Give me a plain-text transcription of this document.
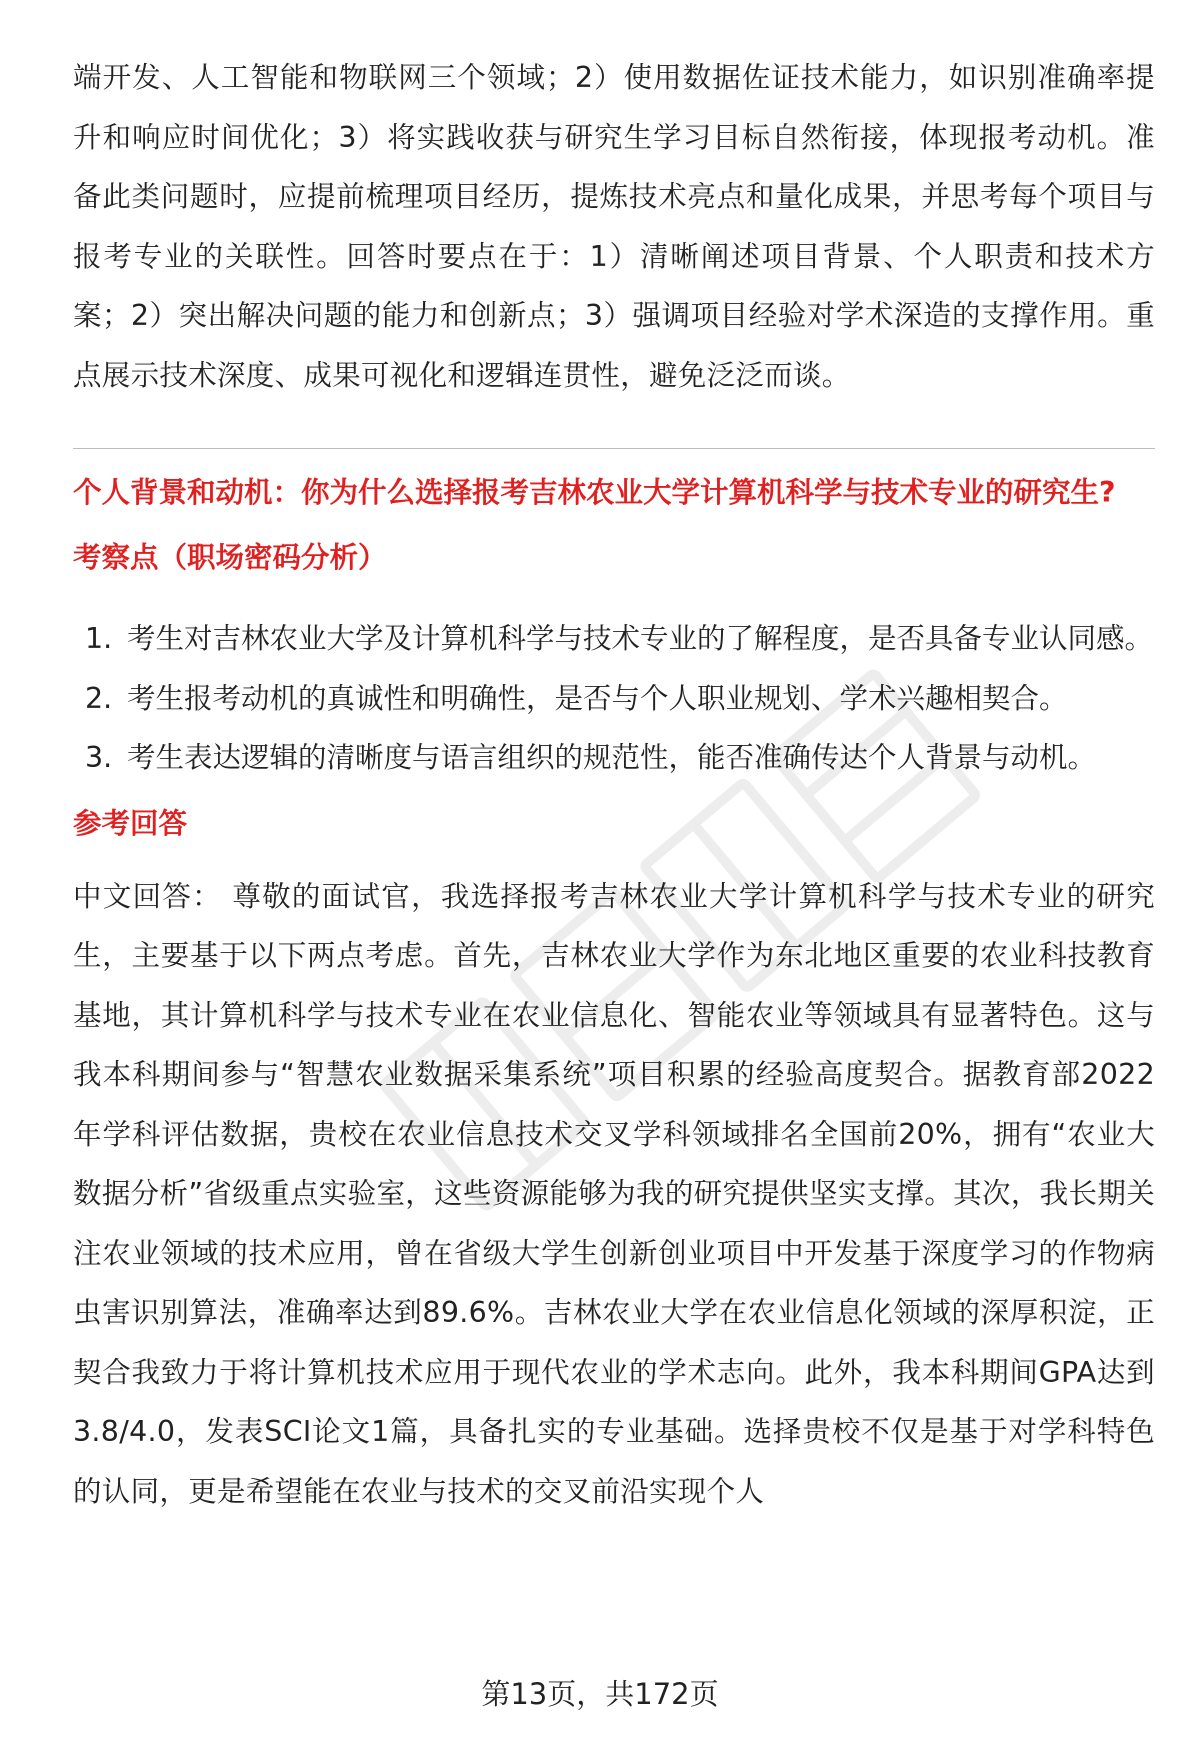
端开发、人工智能和物联网三个领域；2）使用数据佐证技术能力，如识别准确率提升和响应时间优化；3）将实践收获与研究生学习目标自然衔接，体现报考动机。准备此类问题时，应提前梳理项目经历，提炼技术亮点和量化成果，并思考每个项目与报考专业的关联性。回答时要点在于：1）清晰阐述项目背景、个人职责和技术方案；2）突出解决问题的能力和创新点；3）强调项目经验对学术深造的支撑作用。重点展示技术深度、成果可视化和逻辑连贯性，避免泛泛而谈。

个人背景和动机：你为什么选择报考吉林农业大学计算机科学与技术专业的研究生?
考察点（职场密码分析）
1. 考生对吉林农业大学及计算机科学与技术专业的了解程度，是否具备专业认同感。
2. 考生报考动机的真诚性和明确性，是否与个人职业规划、学术兴趣相契合。
3. 考生表达逻辑的清晰度与语言组织的规范性，能否准确传达个人背景与动机。
参考回答

中文回答： 尊敬的面试官，我选择报考吉林农业大学计算机科学与技术专业的研究生，主要基于以下两点考虑。首先，吉林农业大学作为东北地区重要的农业科技教育基地，其计算机科学与技术专业在农业信息化、智能农业等领域具有显著特色。这与我本科期间参与“智慧农业数据采集系统”项目积累的经验高度契合。据教育部2022年学科评估数据，贵校在农业信息技术交叉学科领域排名全国前20%，拥有“农业大数据分析”省级重点实验室，这些资源能够为我的研究提供坚实支撑。其次，我长期关注农业领域的技术应用，曾在省级大学生创新创业项目中开发基于深度学习的作物病虫害识别算法，准确率达到89.6%。吉林农业大学在农业信息化领域的深厚积淀，正契合我致力于将计算机技术应用于现代农业的学术志向。此外，我本科期间GPA达到3.8/4.0，发表SCI论文1篇，具备扎实的专业基础。选择贵校不仅是基于对学科特色的认同，更是希望能在农业与技术的交叉前沿实现个人

第13页，共172页
